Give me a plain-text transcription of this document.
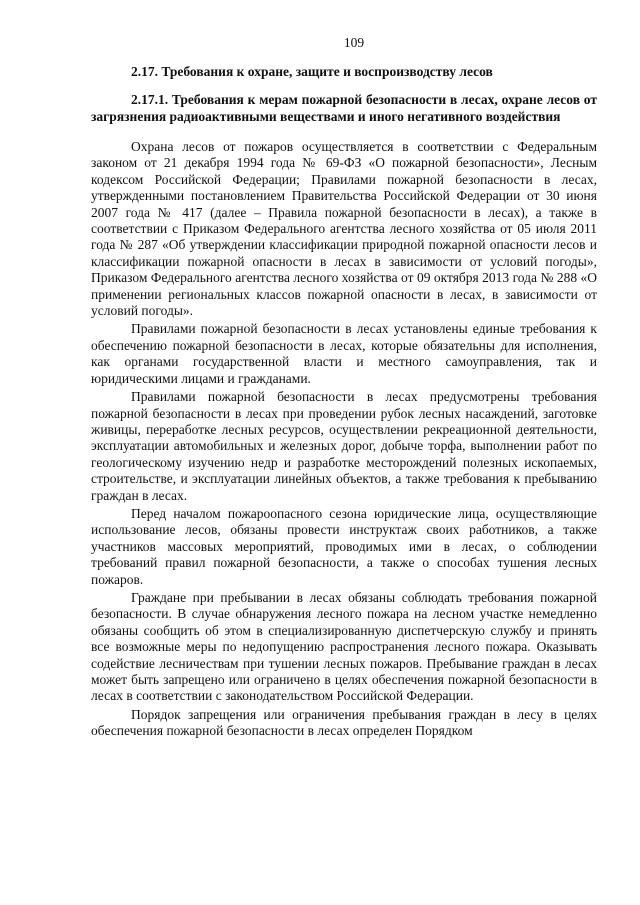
109
2.17. Требования к охране, защите и воспроизводству лесов
2.17.1. Требования к мерам пожарной безопасности в лесах, охране лесов от загрязнения радиоактивными веществами и иного негативного воздействия

Охрана лесов от пожаров осуществляется в соответствии с Федеральным законом от 21 декабря 1994 года № 69-ФЗ «О пожарной безопасности», Лесным кодексом Российской Федерации; Правилами пожарной безопасности в лесах, утвержденными постановлением Правительства Российской Федерации от 30 июня 2007 года № 417 (далее – Правила пожарной безопасности в лесах), а также в соответствии с Приказом Федерального агентства лесного хозяйства от 05 июля 2011 года № 287 «Об утверждении классификации природной пожарной опасности лесов и классификации пожарной опасности в лесах в зависимости от условий погоды», Приказом Федерального агентства лесного хозяйства от 09 октября 2013 года № 288 «О применении региональных классов пожарной опасности в лесах, в зависимости от условий погоды».

Правилами пожарной безопасности в лесах установлены единые требования к обеспечению пожарной безопасности в лесах, которые обязательны для исполнения, как органами государственной власти и местного самоуправления, так и юридическими лицами и гражданами.

Правилами пожарной безопасности в лесах предусмотрены требования пожарной безопасности в лесах при проведении рубок лесных насаждений, заготовке живицы, переработке лесных ресурсов, осуществлении рекреационной деятельности, эксплуатации автомобильных и железных дорог, добыче торфа, выполнении работ по геологическому изучению недр и разработке месторождений полезных ископаемых, строительстве, и эксплуатации линейных объектов, а также требования к пребыванию граждан в лесах.

Перед началом пожароопасного сезона юридические лица, осуществляющие использование лесов, обязаны провести инструктаж своих работников, а также участников массовых мероприятий, проводимых ими в лесах, о соблюдении требований правил пожарной безопасности, а также о способах тушения лесных пожаров.

Граждане при пребывании в лесах обязаны соблюдать требования пожарной безопасности. В случае обнаружения лесного пожара на лесном участке немедленно обязаны сообщить об этом в специализированную диспетчерскую службу и принять все возможные меры по недопущению распространения лесного пожара. Оказывать содействие лесничествам при тушении лесных пожаров. Пребывание граждан в лесах может быть запрещено или ограничено в целях обеспечения пожарной безопасности в лесах в соответствии с законодательством Российской Федерации.

Порядок запрещения или ограничения пребывания граждан в лесу в целях обеспечения пожарной безопасности в лесах определен Порядком
